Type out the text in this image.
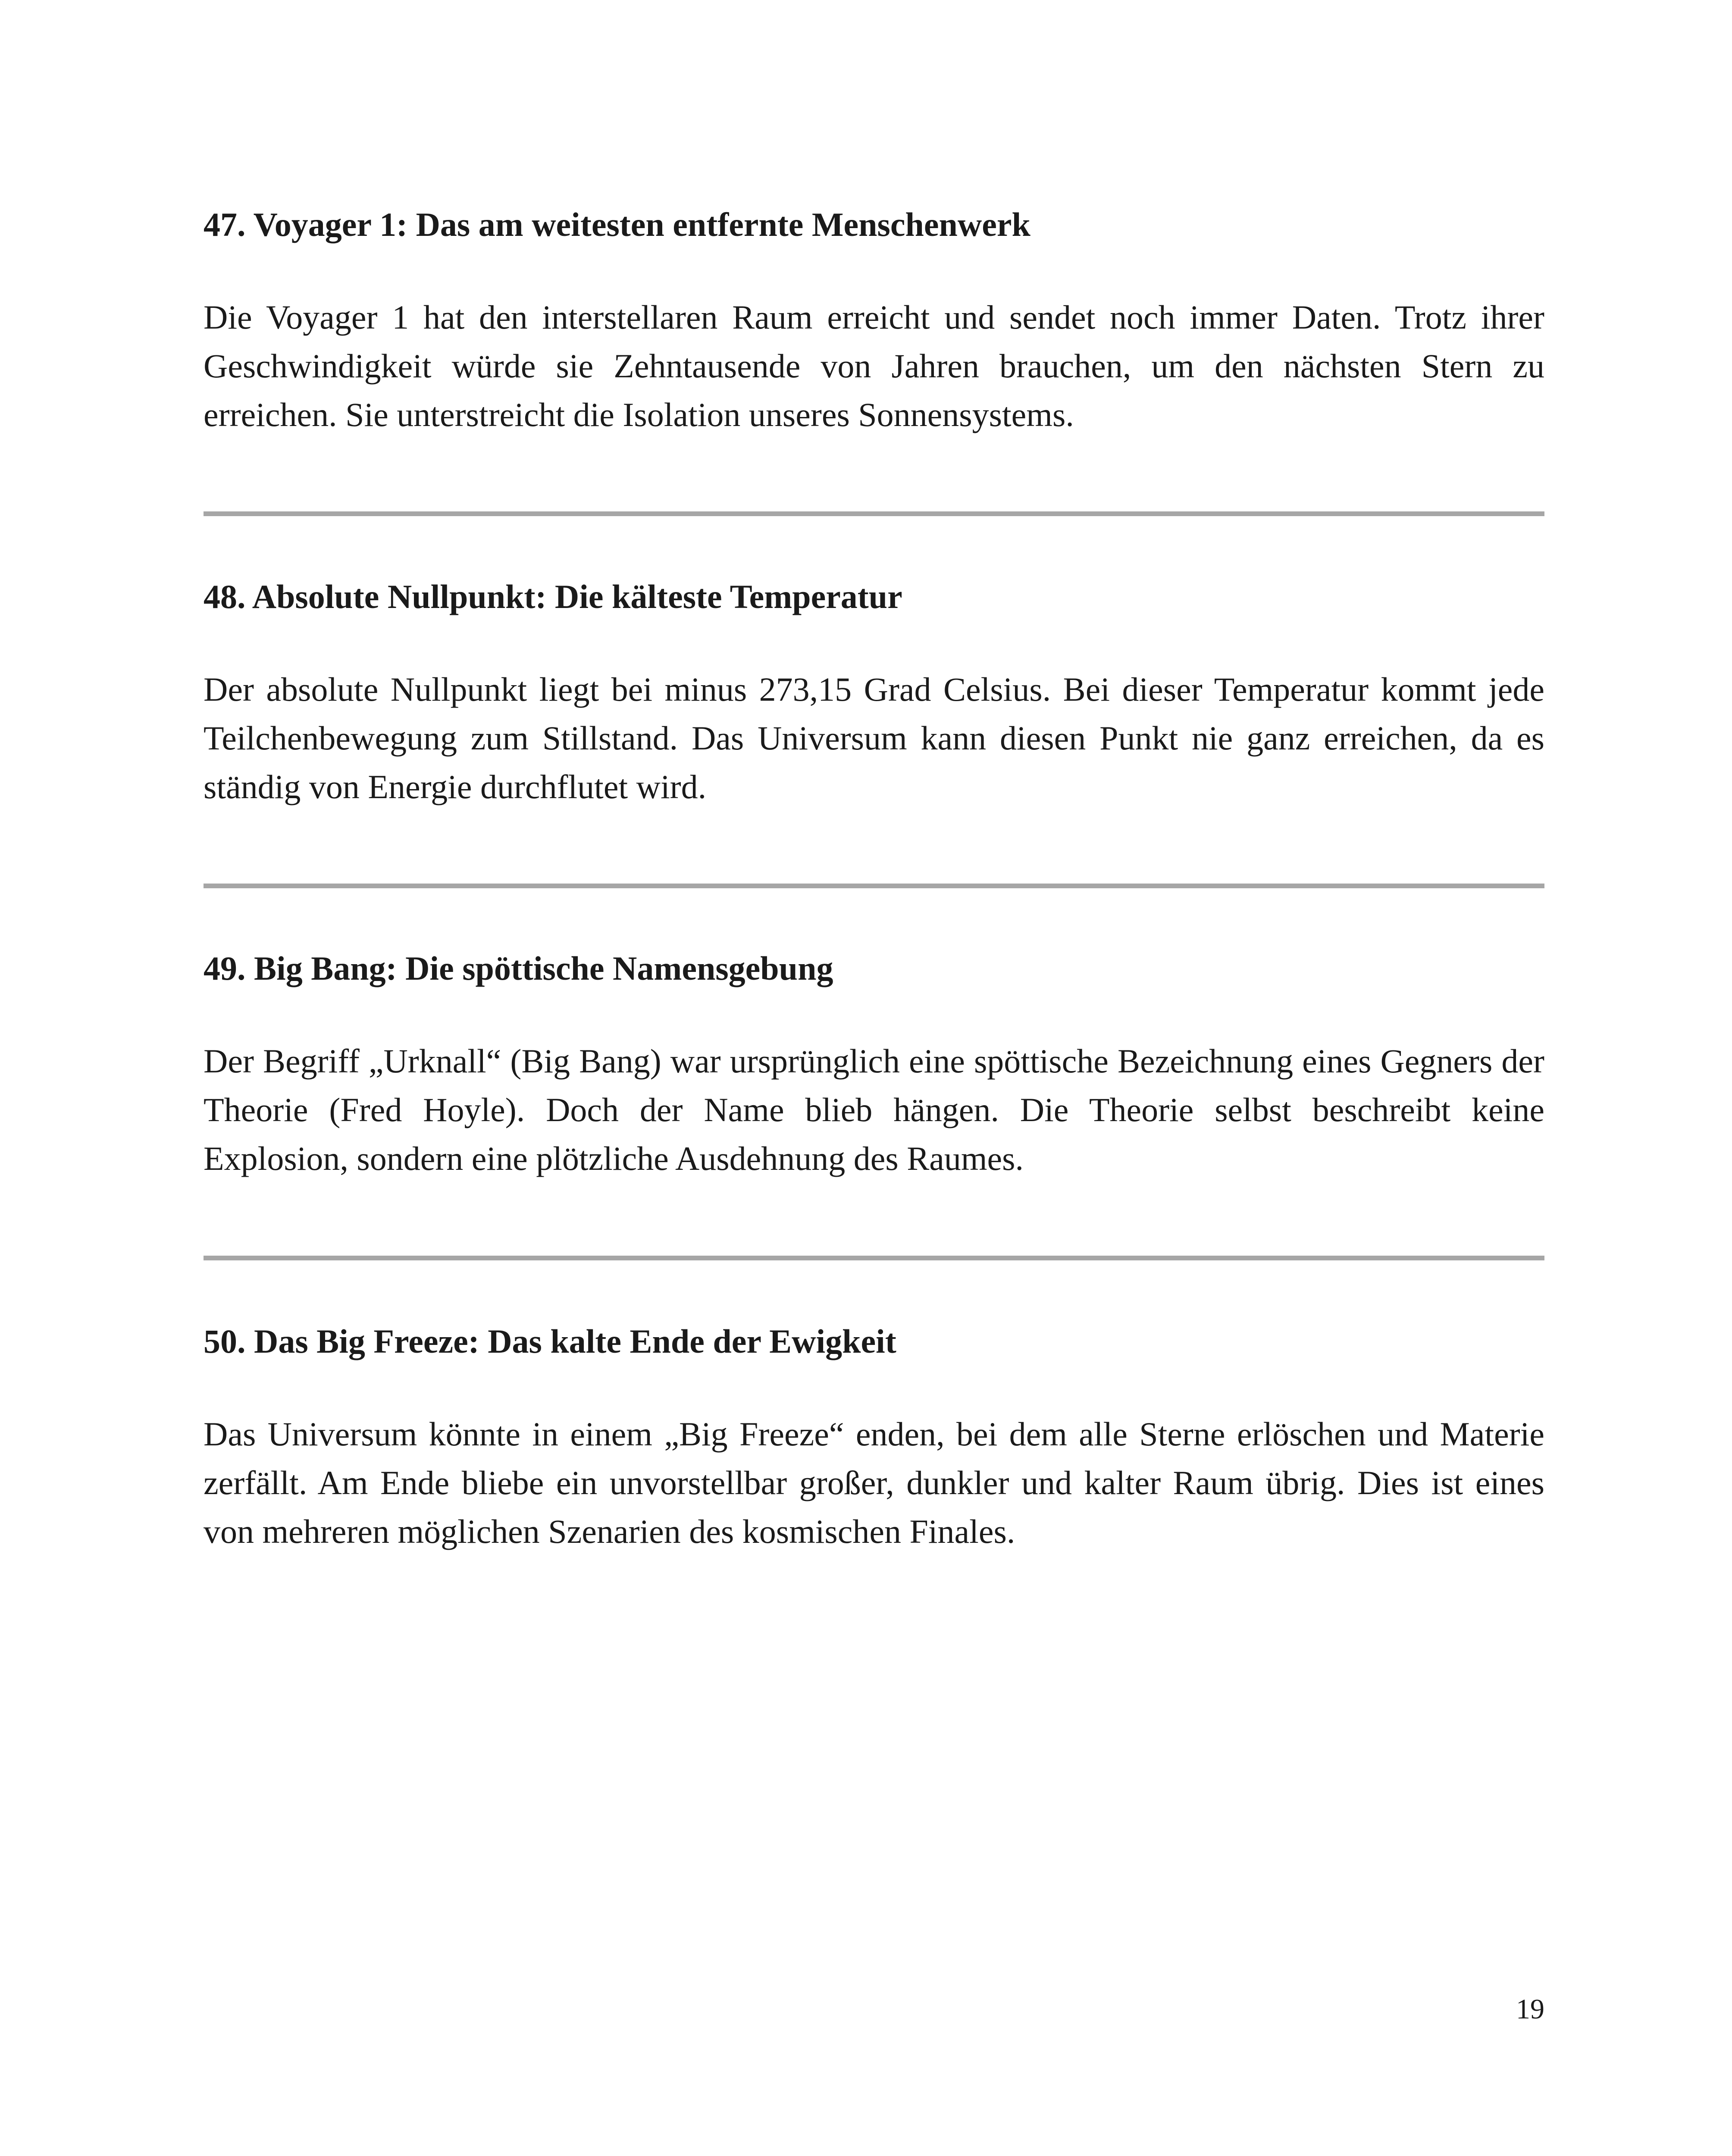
47. Voyager 1: Das am weitesten entfernte Menschenwerk

Die Voyager 1 hat den interstellaren Raum erreicht und sendet noch immer Daten. Trotz ihrer Geschwindigkeit würde sie Zehntausende von Jahren brauchen, um den nächsten Stern zu erreichen. Sie unterstreicht die Isolation unseres Sonnensystems.

48. Absolute Nullpunkt: Die kälteste Temperatur

Der absolute Nullpunkt liegt bei minus 273,15 Grad Celsius. Bei dieser Temperatur kommt jede Teilchenbewegung zum Stillstand. Das Universum kann diesen Punkt nie ganz erreichen, da es ständig von Energie durchflutet wird.

49. Big Bang: Die spöttische Namensgebung

Der Begriff „Urknall“ (Big Bang) war ursprünglich eine spöttische Bezeichnung eines Gegners der Theorie (Fred Hoyle). Doch der Name blieb hängen. Die Theorie selbst beschreibt keine Explosion, sondern eine plötzliche Ausdehnung des Raumes.

50. Das Big Freeze: Das kalte Ende der Ewigkeit

Das Universum könnte in einem „Big Freeze“ enden, bei dem alle Sterne erlöschen und Materie zerfällt. Am Ende bliebe ein unvorstellbar großer, dunkler und kalter Raum übrig. Dies ist eines von mehreren möglichen Szenarien des kosmischen Finales.

19
